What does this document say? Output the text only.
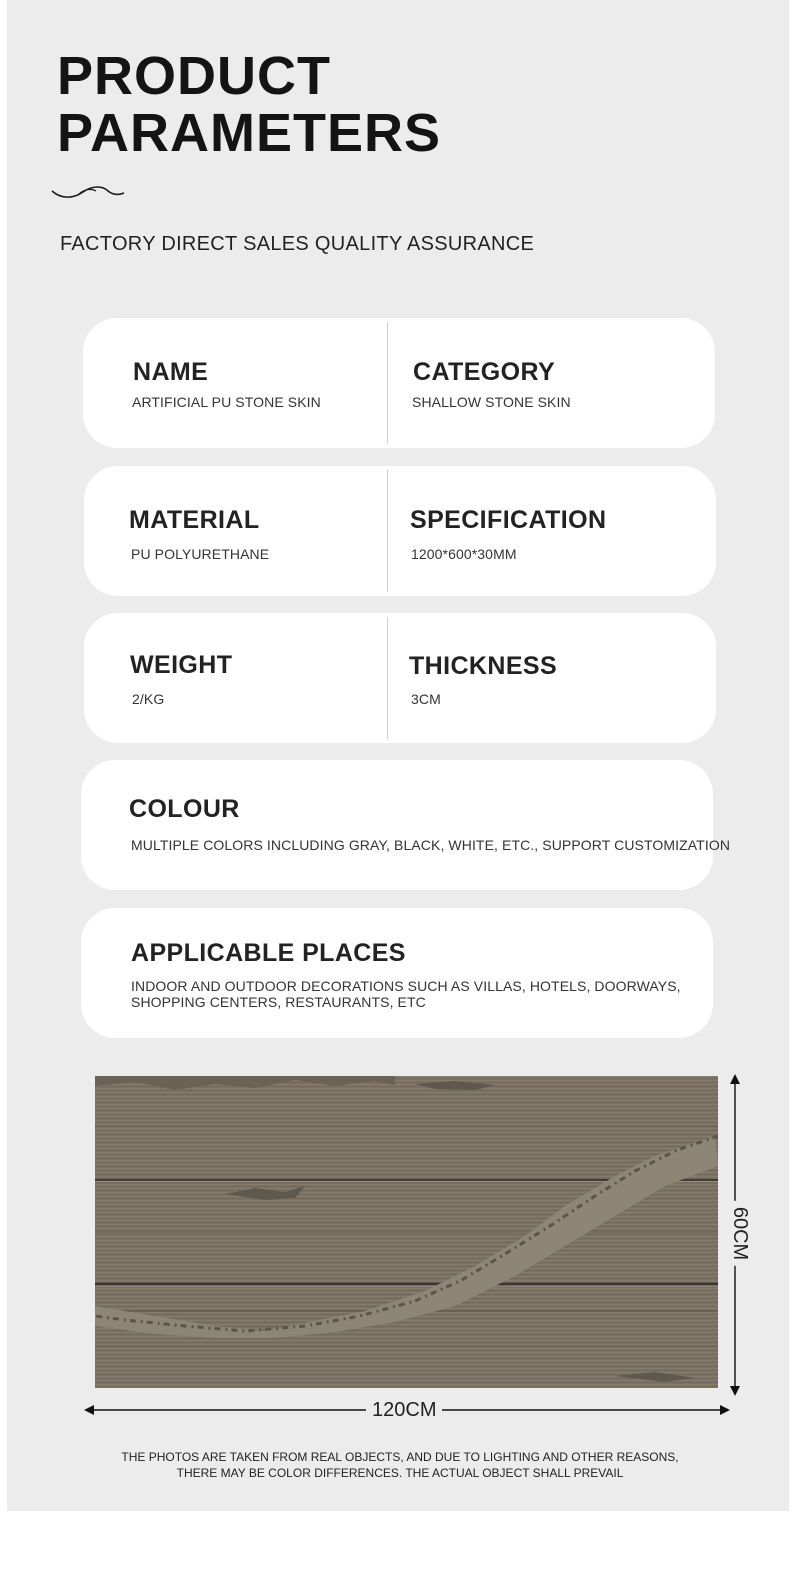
PRODUCT
PARAMETERS
FACTORY DIRECT SALES QUALITY ASSURANCE
NAME
ARTIFICIAL PU STONE SKIN
CATEGORY
SHALLOW STONE SKIN
MATERIAL
PU POLYURETHANE
SPECIFICATION
1200*600*30MM
WEIGHT
2/KG
THICKNESS
3CM
COLOUR
MULTIPLE COLORS INCLUDING GRAY, BLACK, WHITE, ETC., SUPPORT CUSTOMIZATION
APPLICABLE PLACES
INDOOR AND OUTDOOR DECORATIONS SUCH AS VILLAS, HOTELS, DOORWAYS, SHOPPING CENTERS, RESTAURANTS, ETC
120CM
60CM
THE PHOTOS ARE TAKEN FROM REAL OBJECTS, AND DUE TO LIGHTING AND OTHER REASONS,
THERE MAY BE COLOR DIFFERENCES. THE ACTUAL OBJECT SHALL PREVAIL
